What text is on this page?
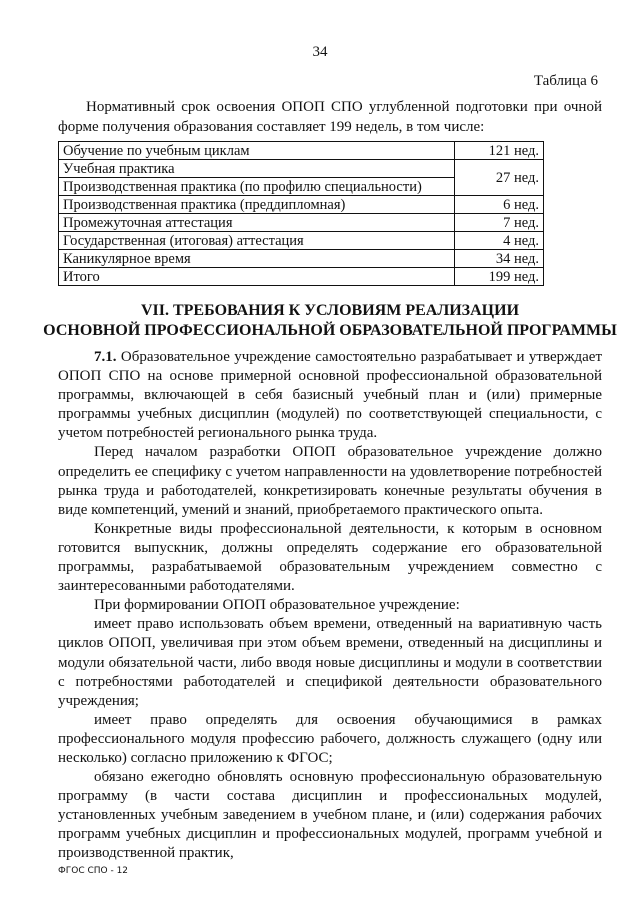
34
Таблица 6

Нормативный срок освоения ОПОП СПО углубленной подготовки при очной форме получения образования составляет 199 недель, в том числе:

Обучение по учебным циклам	121 нед.
Учебная практика	27 нед.
Производственная практика (по профилю специальности)	
Производственная практика (преддипломная)	6 нед.
Промежуточная аттестация	7 нед.
Государственная (итоговая) аттестация	4 нед.
Каникулярное время	34 нед.
Итого	199 нед.
VII. ТРЕБОВАНИЯ К УСЛОВИЯМ РЕАЛИЗАЦИИ
ОСНОВНОЙ ПРОФЕССИОНАЛЬНОЙ ОБРАЗОВАТЕЛЬНОЙ ПРОГРАММЫ

7.1. Образовательное учреждение самостоятельно разрабатывает и утверждает ОПОП СПО на основе примерной основной профессиональной образовательной программы, включающей в себя базисный учебный план и (или) примерные программы учебных дисциплин (модулей) по соответствующей специальности, с учетом потребностей регионального рынка труда.

Перед началом разработки ОПОП образовательное учреждение должно определить ее специфику с учетом направленности на удовлетворение потребностей рынка труда и работодателей, конкретизировать конечные результаты обучения в виде компетенций, умений и знаний, приобретаемого практического опыта.

Конкретные виды профессиональной деятельности, к которым в основном готовится выпускник, должны определять содержание его образовательной программы, разрабатываемой образовательным учреждением совместно с заинтересованными работодателями.

При формировании ОПОП образовательное учреждение:

имеет право использовать объем времени, отведенный на вариативную часть циклов ОПОП, увеличивая при этом объем времени, отведенный на дисциплины и модули обязательной части, либо вводя новые дисциплины и модули в соответствии с потребностями работодателей и спецификой деятельности образовательного учреждения;

имеет право определять для освоения обучающимися в рамках профессионального модуля профессию рабочего, должность служащего (одну или несколько) согласно приложению к ФГОС;

обязано ежегодно обновлять основную профессиональную образовательную программу (в части состава дисциплин и профессиональных модулей, установленных учебным заведением в учебном плане, и (или) содержания рабочих программ учебных дисциплин и профессиональных модулей, программ учебной и производственной практик,

ФГОС СПО - 12
